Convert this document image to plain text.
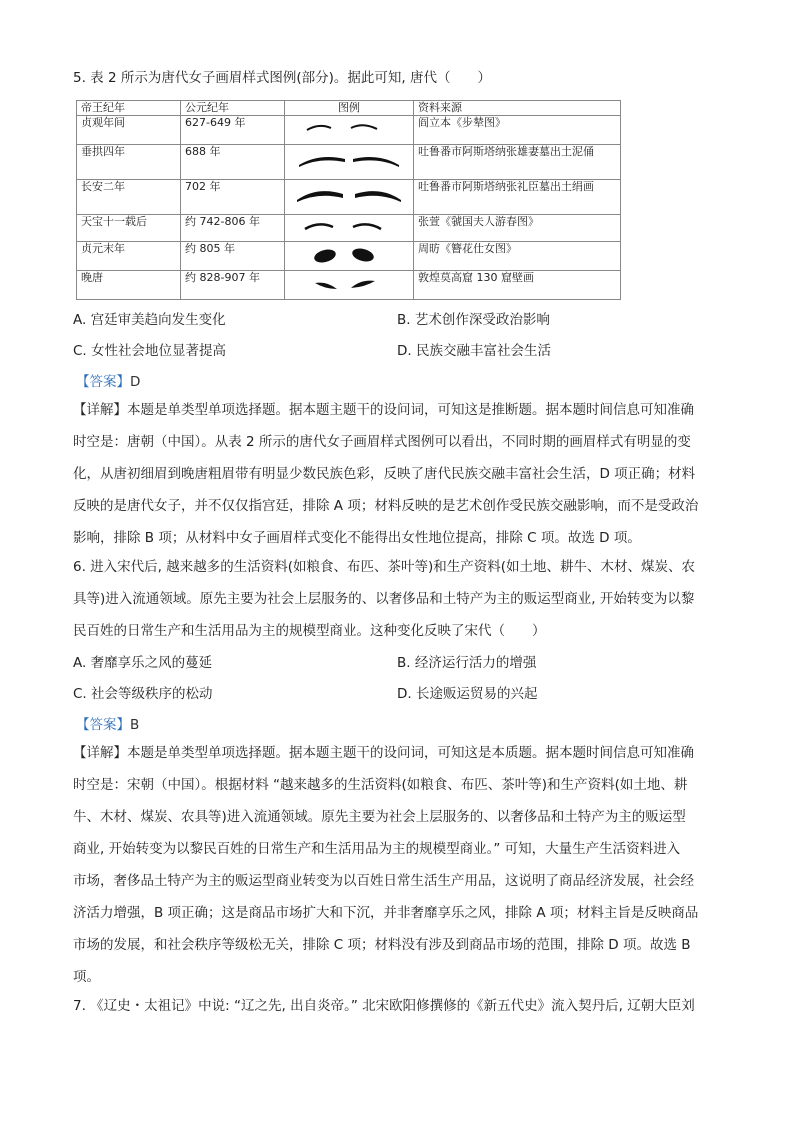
5. 表 2 所示为唐代女子画眉样式图例(部分)。据此可知, 唐代（　　）
帝王纪年	公元纪年	图例	资料来源
贞观年间	627-649 年		阎立本《步辇图》
垂拱四年	688 年		吐鲁番市阿斯塔纳张雄妻墓出土泥俑
长安二年	702 年		吐鲁番市阿斯塔纳张礼臣墓出土绢画
天宝十一载后	约 742-806 年		张萱《虢国夫人游春图》
贞元末年	约 805 年		周昉《簪花仕女图》
晚唐	约 828-907 年		敦煌莫高窟 130 窟壁画
A. 宫廷审美趋向发生变化	B. 艺术创作深受政治影响
C. 女性社会地位显著提高	D. 民族交融丰富社会生活
【答案】D
【详解】本题是单类型单项选择题。据本题主题干的设问词，可知这是推断题。据本题时间信息可知准确
时空是：唐朝（中国）。从表 2 所示的唐代女子画眉样式图例可以看出，不同时期的画眉样式有明显的变
化，从唐初细眉到晚唐粗眉带有明显少数民族色彩，反映了唐代民族交融丰富社会生活，D 项正确；材料
反映的是唐代女子，并不仅仅指宫廷，排除 A 项；材料反映的是艺术创作受民族交融影响，而不是受政治
影响，排除 B 项；从材料中女子画眉样式变化不能得出女性地位提高，排除 C 项。故选 D 项。
6. 进入宋代后, 越来越多的生活资料(如粮食、布匹、茶叶等)和生产资料(如土地、耕牛、木材、煤炭、农
具等)进入流通领域。原先主要为社会上层服务的、以奢侈品和土特产为主的贩运型商业, 开始转变为以黎
民百姓的日常生产和生活用品为主的规模型商业。这种变化反映了宋代（　　）
A. 奢靡享乐之风的蔓延	B. 经济运行活力的增强
C. 社会等级秩序的松动	D. 长途贩运贸易的兴起
【答案】B
【详解】本题是单类型单项选择题。据本题主题干的设问词，可知这是本质题。据本题时间信息可知准确
时空是：宋朝（中国）。根据材料 “越来越多的生活资料(如粮食、布匹、茶叶等)和生产资料(如土地、耕
牛、木材、煤炭、农具等)进入流通领域。原先主要为社会上层服务的、以奢侈品和土特产为主的贩运型
商业, 开始转变为以黎民百姓的日常生产和生活用品为主的规模型商业。” 可知，大量生产生活资料进入
市场，奢侈品土特产为主的贩运型商业转变为以百姓日常生活生产用品，这说明了商品经济发展，社会经
济活力增强，B 项正确；这是商品市场扩大和下沉，并非奢靡享乐之风，排除 A 项；材料主旨是反映商品
市场的发展，和社会秩序等级松无关，排除 C 项；材料没有涉及到商品市场的范围，排除 D 项。故选 B
项。
7. 《辽史・太祖记》中说: “辽之先, 出自炎帝。” 北宋欧阳修撰修的《新五代史》流入契丹后, 辽朝大臣刘
